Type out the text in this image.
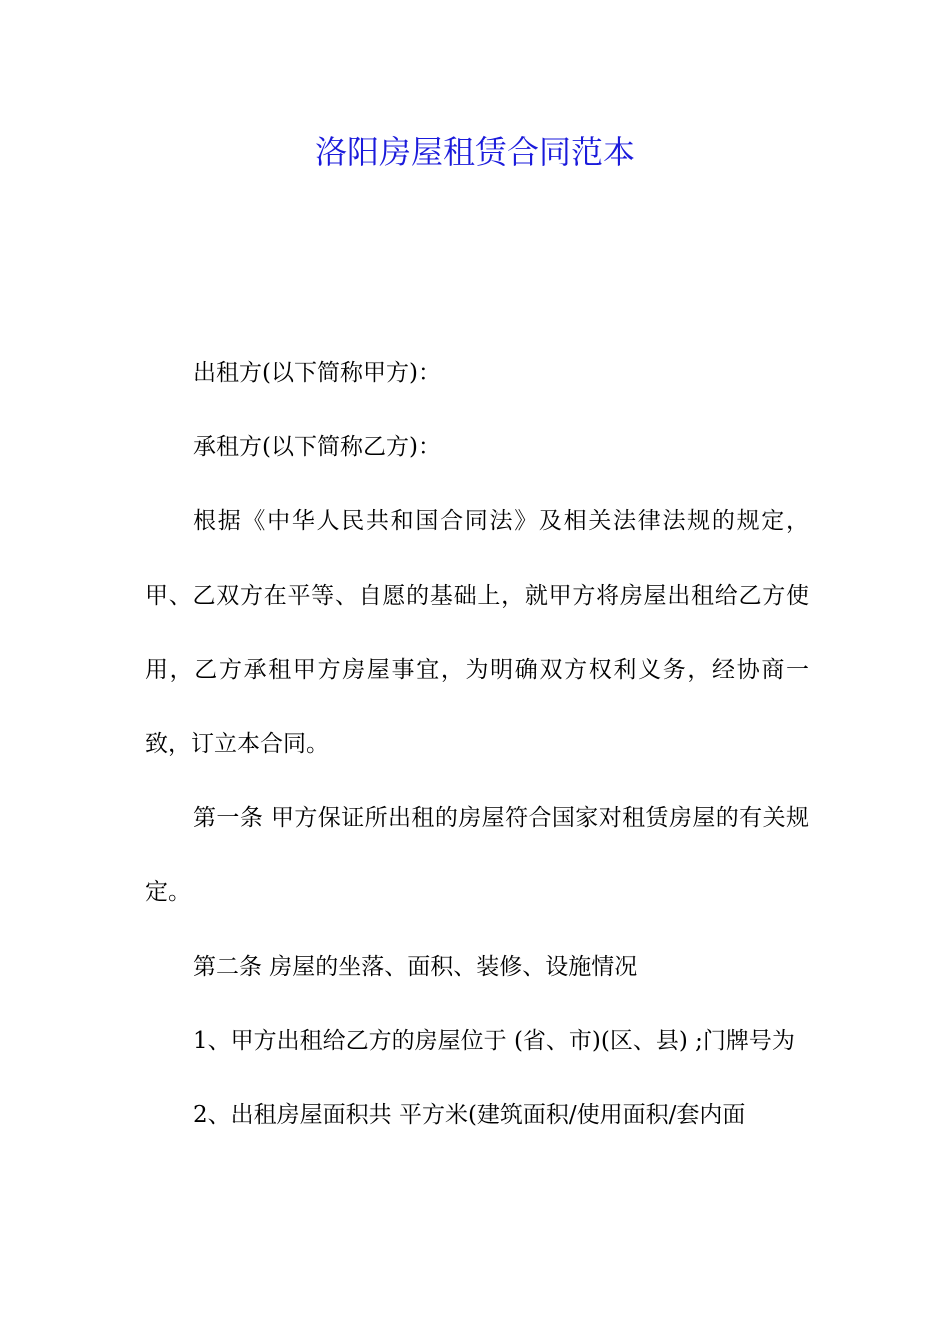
洛阳房屋租赁合同范本

出租方(以下简称甲方)：

承租方(以下简称乙方)：

根据《中华人民共和国合同法》及相关法律法规的规定，甲、乙双方在平等、自愿的基础上，就甲方将房屋出租给乙方使用，乙方承租甲方房屋事宜，为明确双方权利义务，经协商一致，订立本合同。

第一条 甲方保证所出租的房屋符合国家对租赁房屋的有关规定。

第二条 房屋的坐落、面积、装修、设施情况

1、甲方出租给乙方的房屋位于 (省、市)(区、县) ;门牌号为

2、出租房屋面积共 平方米(建筑面积/使用面积/套内面
